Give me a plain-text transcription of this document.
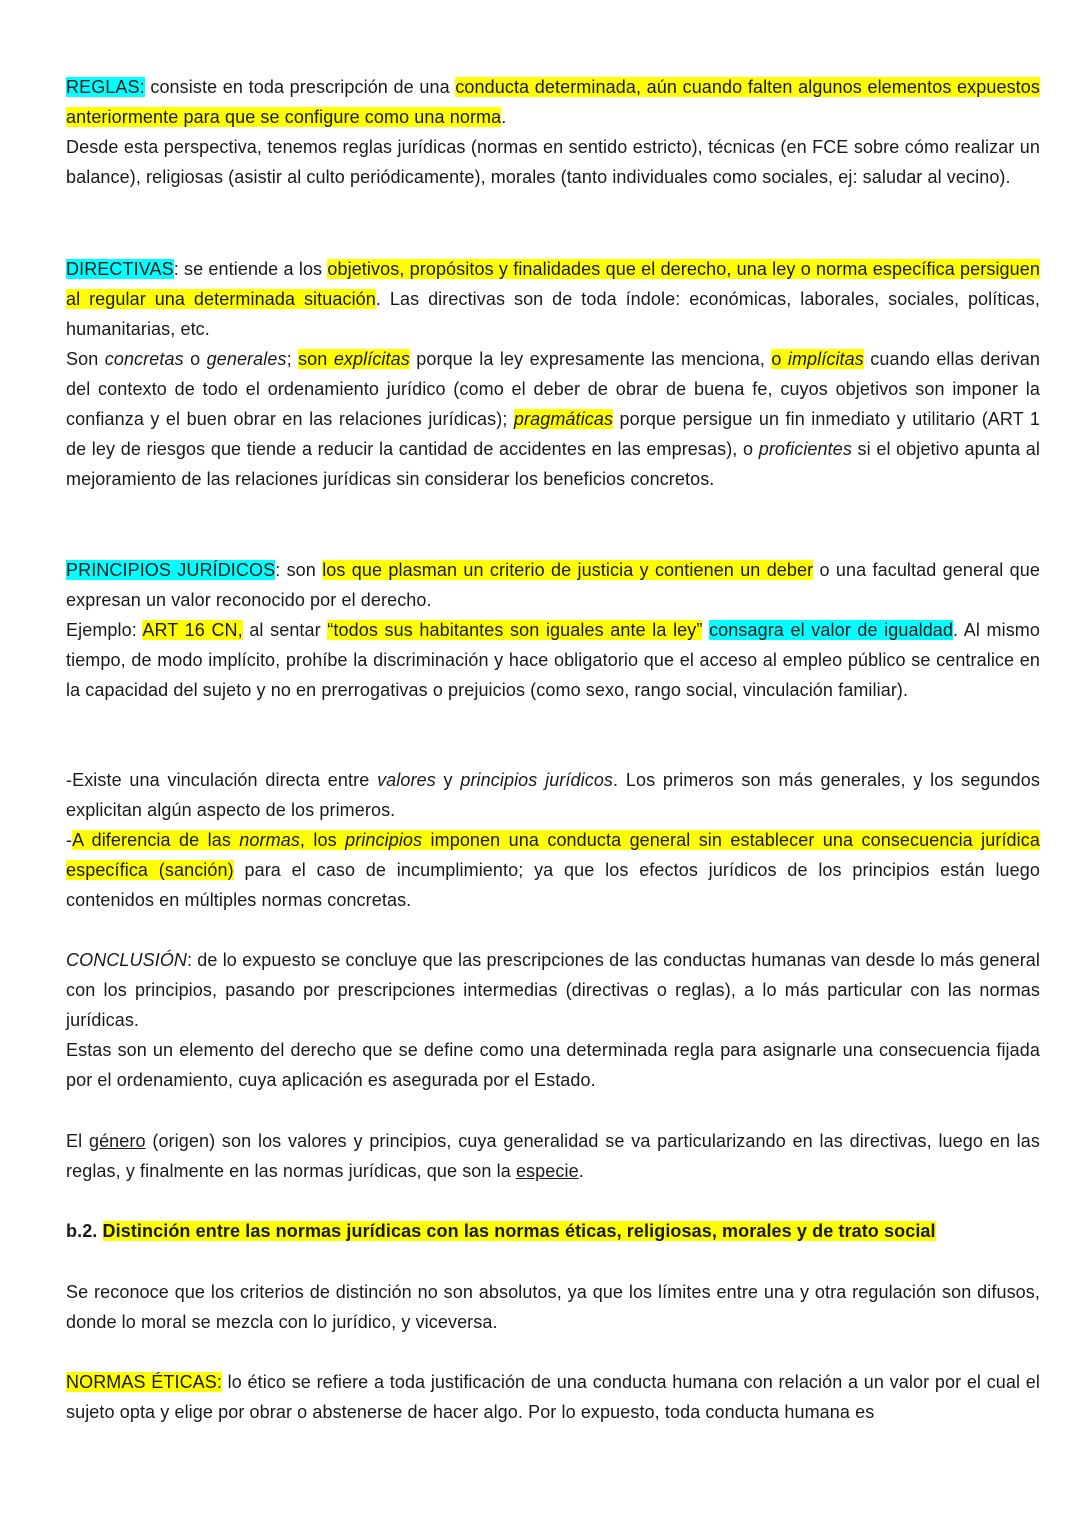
REGLAS: consiste en toda prescripción de una conducta determinada, aún cuando falten algunos elementos expuestos anteriormente para que se configure como una norma.
Desde esta perspectiva, tenemos reglas jurídicas (normas en sentido estricto), técnicas (en FCE sobre cómo realizar un balance), religiosas (asistir al culto periódicamente), morales (tanto individuales como sociales, ej: saludar al vecino).
DIRECTIVAS: se entiende a los objetivos, propósitos y finalidades que el derecho, una ley o norma específica persiguen al regular una determinada situación. Las directivas son de toda índole: económicas, laborales, sociales, políticas, humanitarias, etc.
Son concretas o generales; son explícitas porque la ley expresamente las menciona, o implícitas cuando ellas derivan del contexto de todo el ordenamiento jurídico (como el deber de obrar de buena fe, cuyos objetivos son imponer la confianza y el buen obrar en las relaciones jurídicas); pragmáticas porque persigue un fin inmediato y utilitario (ART 1 de ley de riesgos que tiende a reducir la cantidad de accidentes en las empresas), o proficientes si el objetivo apunta al mejoramiento de las relaciones jurídicas sin considerar los beneficios concretos.
PRINCIPIOS JURÍDICOS: son los que plasman un criterio de justicia y contienen un deber o una facultad general que expresan un valor reconocido por el derecho.
Ejemplo: ART 16 CN, al sentar “todos sus habitantes son iguales ante la ley” consagra el valor de igualdad. Al mismo tiempo, de modo implícito, prohíbe la discriminación y hace obligatorio que el acceso al empleo público se centralice en la capacidad del sujeto y no en prerrogativas o prejuicios (como sexo, rango social, vinculación familiar).
-Existe una vinculación directa entre valores y principios jurídicos. Los primeros son más generales, y los segundos explicitan algún aspecto de los primeros.
-A diferencia de las normas, los principios imponen una conducta general sin establecer una consecuencia jurídica específica (sanción) para el caso de incumplimiento; ya que los efectos jurídicos de los principios están luego contenidos en múltiples normas concretas.
CONCLUSIÓN: de lo expuesto se concluye que las prescripciones de las conductas humanas van desde lo más general con los principios, pasando por prescripciones intermedias (directivas o reglas), a lo más particular con las normas jurídicas.
Estas son un elemento del derecho que se define como una determinada regla para asignarle una consecuencia fijada por el ordenamiento, cuya aplicación es asegurada por el Estado.
El género (origen) son los valores y principios, cuya generalidad se va particularizando en las directivas, luego en las reglas, y finalmente en las normas jurídicas, que son la especie.
b.2. Distinción entre las normas jurídicas con las normas éticas, religiosas, morales y de trato social
Se reconoce que los criterios de distinción no son absolutos, ya que los límites entre una y otra regulación son difusos, donde lo moral se mezcla con lo jurídico, y viceversa.
NORMAS ÉTICAS: lo ético se refiere a toda justificación de una conducta humana con relación a un valor por el cual el sujeto opta y elige por obrar o abstenerse de hacer algo. Por lo expuesto, toda conducta humana es
